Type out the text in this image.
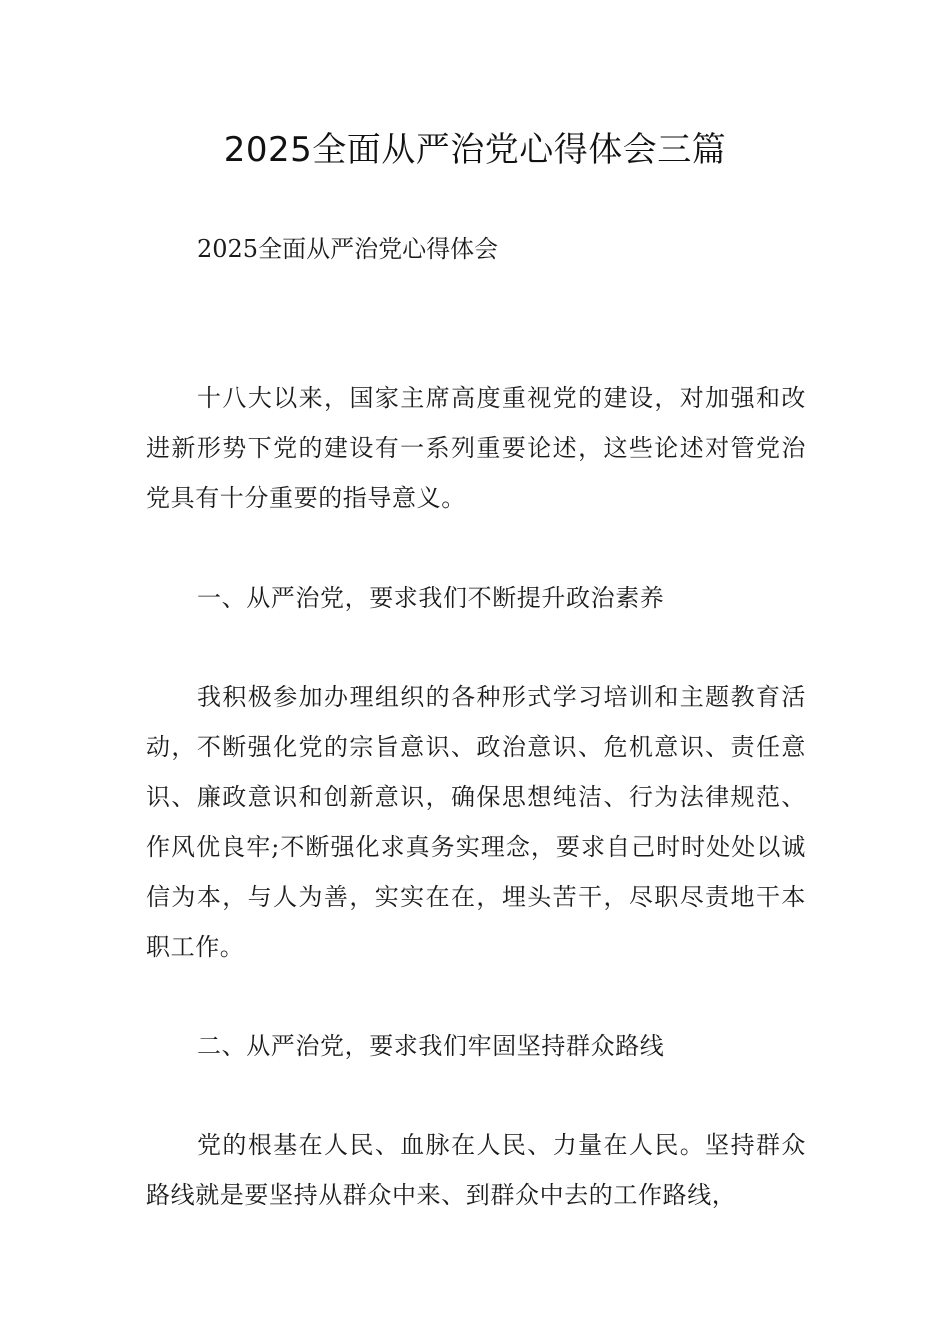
2025全面从严治党心得体会三篇

2025全面从严治党心得体会

十八大以来，国家主席高度重视党的建设，对加强和改进新形势下党的建设有一系列重要论述，这些论述对管党治党具有十分重要的指导意义。

一、从严治党，要求我们不断提升政治素养

我积极参加办理组织的各种形式学习培训和主题教育活动，不断强化党的宗旨意识、政治意识、危机意识、责任意识、廉政意识和创新意识，确保思想纯洁、行为法律规范、作风优良牢;不断强化求真务实理念，要求自己时时处处以诚信为本，与人为善，实实在在，埋头苦干，尽职尽责地干本职工作。

二、从严治党，要求我们牢固坚持群众路线

党的根基在人民、血脉在人民、力量在人民。坚持群众路线就是要坚持从群众中来、到群众中去的工作路线，
